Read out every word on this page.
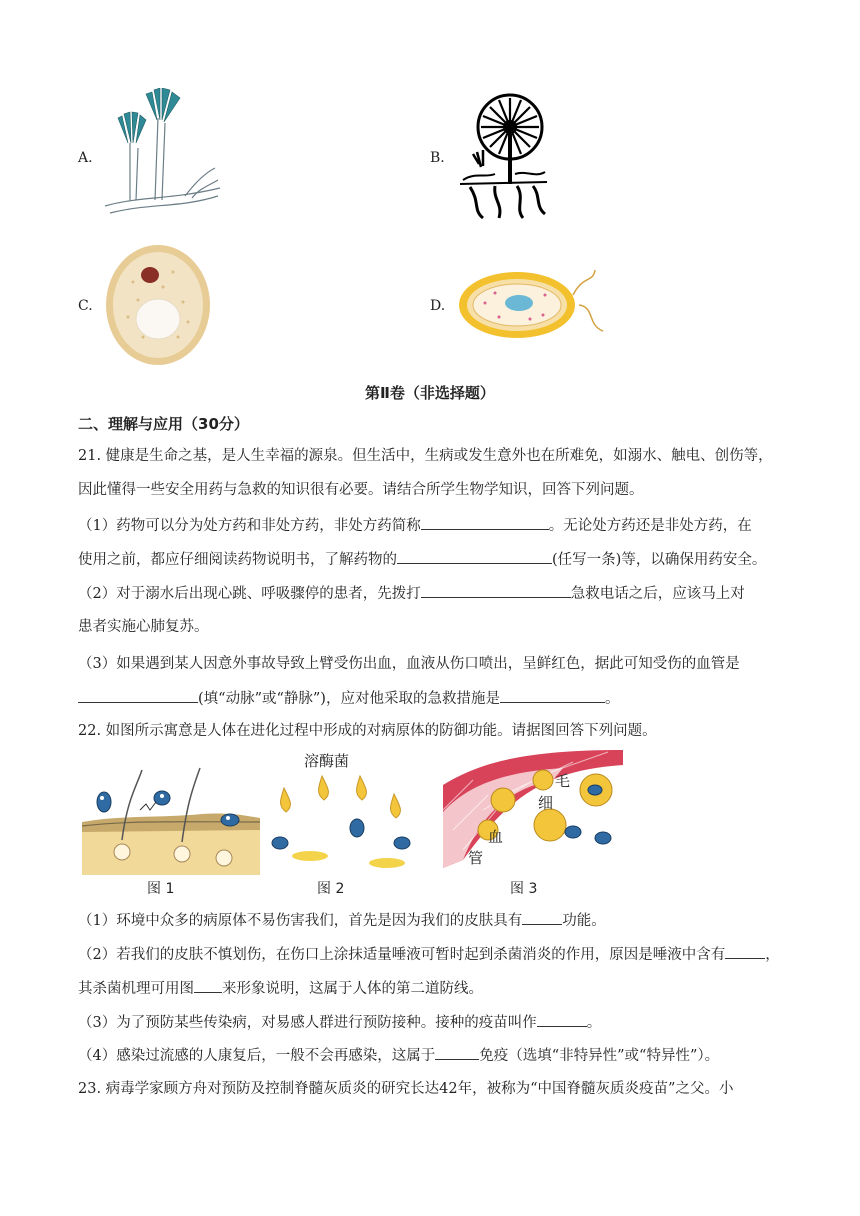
A.	B.
C.	D.
第Ⅱ卷（非选择题）
二、理解与应用（30分）
21. 健康是生命之基，是人生幸福的源泉。但生活中，生病或发生意外也在所难免，如溺水、触电、创伤等，
因此懂得一些安全用药与急救的知识很有必要。请结合所学生物学知识，回答下列问题。
（1）药物可以分为处方药和非处方药，非处方药简称	。无论处方药还是非处方药，在
使用之前，都应仔细阅读药物说明书，了解药物的	(任写一条)等，以确保用药安全。
（2）对于溺水后出现心跳、呼吸骤停的患者，先拨打	急救电话之后，应该马上对
患者实施心肺复苏。
（3）如果遇到某人因意外事故导致上臂受伤出血，血液从伤口喷出，呈鲜红色，据此可知受伤的血管是
(填“动脉”或“静脉”)，应对他采取的急救措施是	。
22. 如图所示寓意是人体在进化过程中形成的对病原体的防御功能。请据图回答下列问题。
图 1
溶酶菌
图 2
毛
细
血
管
图 3
（1）环境中众多的病原体不易伤害我们，首先是因为我们的皮肤具有	功能。
（2）若我们的皮肤不慎划伤，在伤口上涂抹适量唾液可暂时起到杀菌消炎的作用，原因是唾液中含有	，
其杀菌机理可用图 来形象说明，这属于人体的第二道防线。
（3）为了预防某些传染病，对易感人群进行预防接种。接种的疫苗叫作	。
（4）感染过流感的人康复后，一般不会再感染，这属于	免疫（选填“非特异性”或“特异性”）。
23. 病毒学家顾方舟对预防及控制脊髓灰质炎的研究长达42年，被称为“中国脊髓灰质炎疫苗”之父。小
